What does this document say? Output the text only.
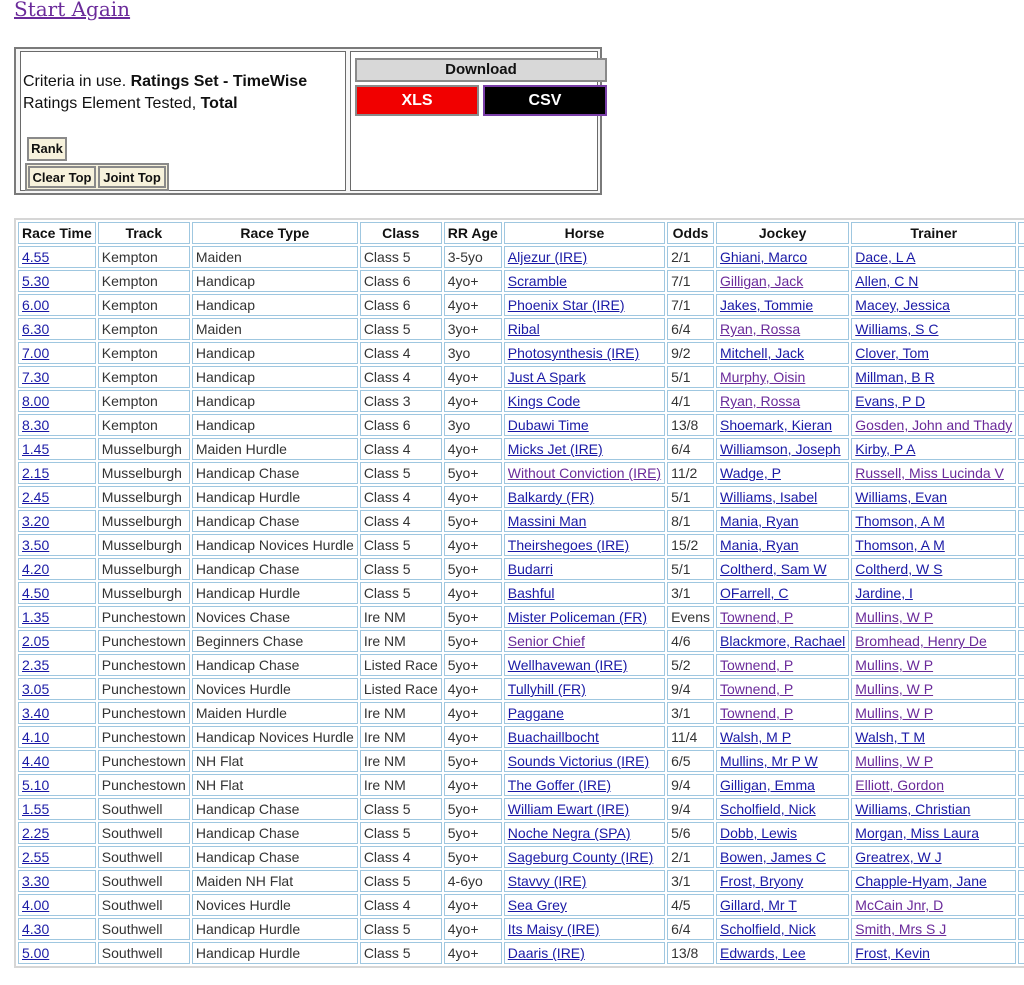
Start Again
Criteria in use. Ratings Set - TimeWise
Ratings Element Tested, Total
Rank
Clear Top Joint Top
Download
XLS	CSV
Race Time	Track	Race Type	Class	RR Age	Horse	Odds	Jockey	Trainer	
4.55	Kempton	Maiden	Class 5	3-5yo	Aljezur (IRE)	2/1	Ghiani, Marco	Dace, L A	
5.30	Kempton	Handicap	Class 6	4yo+	Scramble	7/1	Gilligan, Jack	Allen, C N	
6.00	Kempton	Handicap	Class 6	4yo+	Phoenix Star (IRE)	7/1	Jakes, Tommie	Macey, Jessica	
6.30	Kempton	Maiden	Class 5	3yo+	Ribal	6/4	Ryan, Rossa	Williams, S C	
7.00	Kempton	Handicap	Class 4	3yo	Photosynthesis (IRE)	9/2	Mitchell, Jack	Clover, Tom	
7.30	Kempton	Handicap	Class 4	4yo+	Just A Spark	5/1	Murphy, Oisin	Millman, B R	
8.00	Kempton	Handicap	Class 3	4yo+	Kings Code	4/1	Ryan, Rossa	Evans, P D	
8.30	Kempton	Handicap	Class 6	3yo	Dubawi Time	13/8	Shoemark, Kieran	Gosden, John and Thady	
1.45	Musselburgh	Maiden Hurdle	Class 4	4yo+	Micks Jet (IRE)	6/4	Williamson, Joseph	Kirby, P A	
2.15	Musselburgh	Handicap Chase	Class 5	5yo+	Without Conviction (IRE)	11/2	Wadge, P	Russell, Miss Lucinda V	
2.45	Musselburgh	Handicap Hurdle	Class 4	4yo+	Balkardy (FR)	5/1	Williams, Isabel	Williams, Evan	
3.20	Musselburgh	Handicap Chase	Class 4	5yo+	Massini Man	8/1	Mania, Ryan	Thomson, A M	
3.50	Musselburgh	Handicap Novices Hurdle	Class 5	4yo+	Theirshegoes (IRE)	15/2	Mania, Ryan	Thomson, A M	
4.20	Musselburgh	Handicap Chase	Class 5	5yo+	Budarri	5/1	Coltherd, Sam W	Coltherd, W S	
4.50	Musselburgh	Handicap Hurdle	Class 5	4yo+	Bashful	3/1	OFarrell, C	Jardine, I	
1.35	Punchestown	Novices Chase	Ire NM	5yo+	Mister Policeman (FR)	Evens	Townend, P	Mullins, W P	
2.05	Punchestown	Beginners Chase	Ire NM	5yo+	Senior Chief	4/6	Blackmore, Rachael	Bromhead, Henry De	
2.35	Punchestown	Handicap Chase	Listed Race	5yo+	Wellhavewan (IRE)	5/2	Townend, P	Mullins, W P	
3.05	Punchestown	Novices Hurdle	Listed Race	4yo+	Tullyhill (FR)	9/4	Townend, P	Mullins, W P	
3.40	Punchestown	Maiden Hurdle	Ire NM	4yo+	Paggane	3/1	Townend, P	Mullins, W P	
4.10	Punchestown	Handicap Novices Hurdle	Ire NM	4yo+	Buachaillbocht	11/4	Walsh, M P	Walsh, T M	
4.40	Punchestown	NH Flat	Ire NM	5yo+	Sounds Victorius (IRE)	6/5	Mullins, Mr P W	Mullins, W P	
5.10	Punchestown	NH Flat	Ire NM	4yo+	The Goffer (IRE)	9/4	Gilligan, Emma	Elliott, Gordon	
1.55	Southwell	Handicap Chase	Class 5	5yo+	William Ewart (IRE)	9/4	Scholfield, Nick	Williams, Christian	
2.25	Southwell	Handicap Chase	Class 5	5yo+	Noche Negra (SPA)	5/6	Dobb, Lewis	Morgan, Miss Laura	
2.55	Southwell	Handicap Chase	Class 4	5yo+	Sageburg County (IRE)	2/1	Bowen, James C	Greatrex, W J	
3.30	Southwell	Maiden NH Flat	Class 5	4-6yo	Stavvy (IRE)	3/1	Frost, Bryony	Chapple-Hyam, Jane	
4.00	Southwell	Novices Hurdle	Class 4	4yo+	Sea Grey	4/5	Gillard, Mr T	McCain Jnr, D	
4.30	Southwell	Handicap Hurdle	Class 5	4yo+	Its Maisy (IRE)	6/4	Scholfield, Nick	Smith, Mrs S J	
5.00	Southwell	Handicap Hurdle	Class 5	4yo+	Daaris (IRE)	13/8	Edwards, Lee	Frost, Kevin	
